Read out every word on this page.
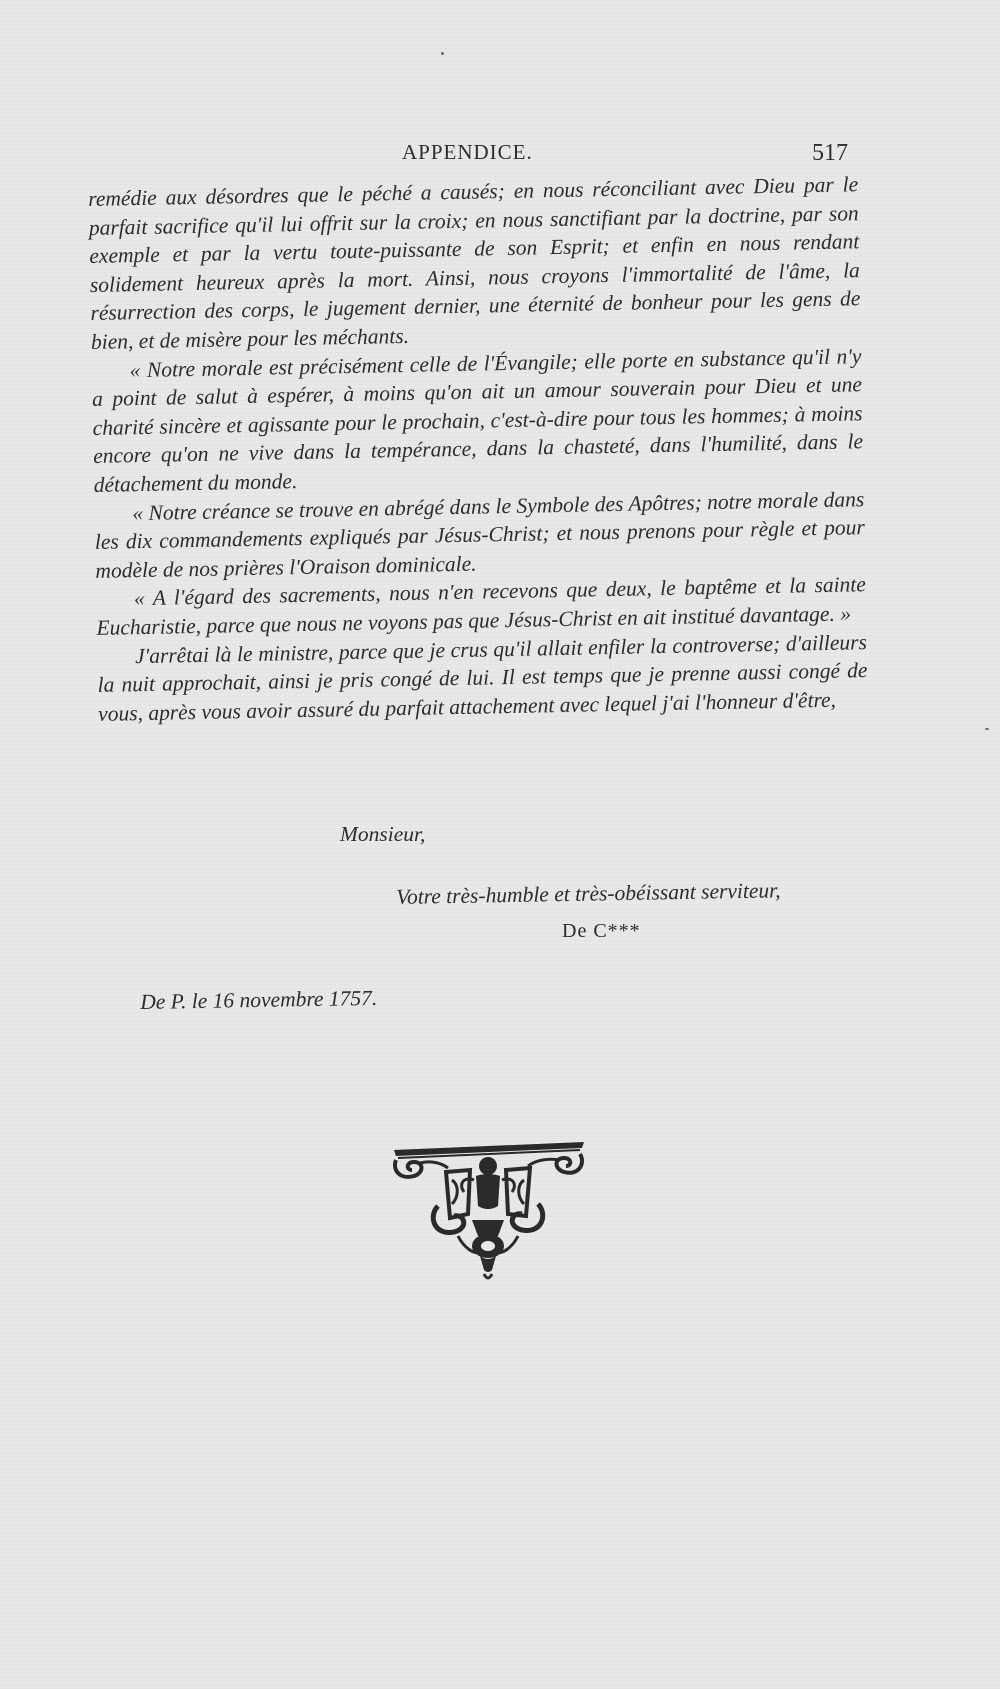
APPENDICE.	517

remédie aux désordres que le péché a causés; en nous réconciliant avec Dieu par le parfait sacrifice qu'il lui offrit sur la croix; en nous sanctifiant par la doctrine, par son exemple et par la vertu toute-puissante de son Esprit; et enfin en nous rendant solidement heureux après la mort. Ainsi, nous croyons l'immortalité de l'âme, la résurrection des corps, le jugement dernier, une éternité de bonheur pour les gens de bien, et de misère pour les méchants.

« Notre morale est précisément celle de l'Évangile; elle porte en substance qu'il n'y a point de salut à espérer, à moins qu'on ait un amour souverain pour Dieu et une charité sincère et agissante pour le prochain, c'est-à-dire pour tous les hommes; à moins encore qu'on ne vive dans la tempérance, dans la chasteté, dans l'humilité, dans le détachement du monde.

« Notre créance se trouve en abrégé dans le Symbole des Apôtres; notre morale dans les dix commandements expliqués par Jésus-Christ; et nous prenons pour règle et pour modèle de nos prières l'Oraison dominicale.

« A l'égard des sacrements, nous n'en recevons que deux, le baptême et la sainte Eucharistie, parce que nous ne voyons pas que Jésus-Christ en ait institué davantage. »

J'arrêtai là le ministre, parce que je crus qu'il allait enfiler la controverse; d'ailleurs la nuit approchait, ainsi je pris congé de lui. Il est temps que je prenne aussi congé de vous, après vous avoir assuré du parfait attachement avec lequel j'ai l'honneur d'être,

Monsieur,
Votre très-humble et très-obéissant serviteur,
De C***
De P. le 16 novembre 1757.
